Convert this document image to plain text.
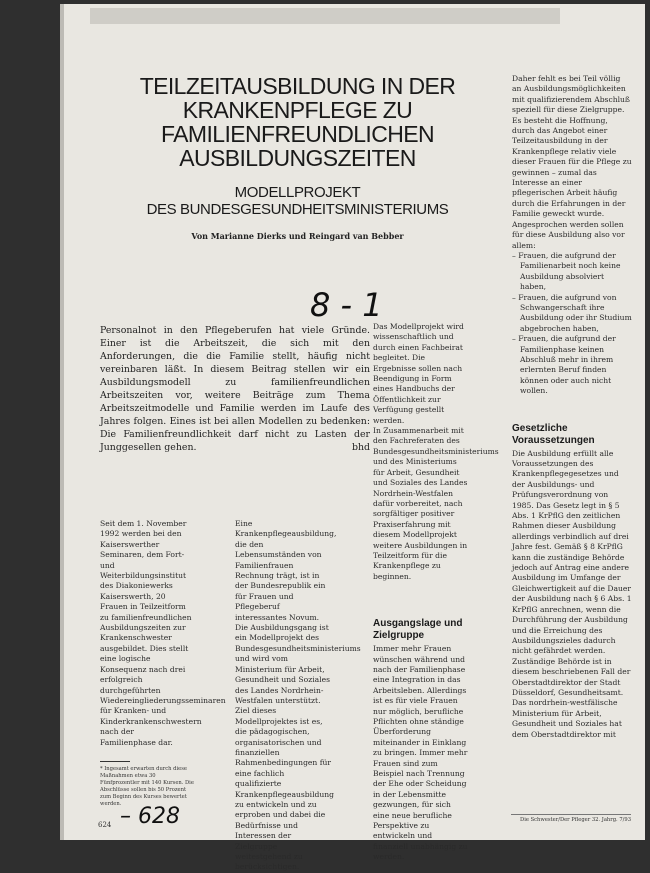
TEILZEITAUSBILDUNG IN DER KRANKENPFLEGE ZU FAMILIENFREUNDLICHEN AUSBILDUNGSZEITEN
MODELLPROJEKT
DES BUNDESGESUNDHEITSMINISTERIUMS
Von Marianne Dierks und Reingard van Bebber
8 - 1
Personalnot in den Pflegeberufen hat viele Gründe. Einer ist die Arbeitszeit, die sich mit den Anforderungen, die die Familie stellt, häufig nicht vereinbaren läßt. In diesem Beitrag stellen wir ein Ausbildungsmodell zu familienfreundlichen Arbeitszeiten vor, weitere Beiträge zum Thema Arbeitszeitmodelle und Familie werden im Laufe des Jahres folgen. Eines ist bei allen Modellen zu bedenken: Die Familienfreundlichkeit darf nicht zu Lasten der Junggesellen gehen.	bhd

Seit dem 1. November 1992 werden bei den Kaiserswerther Seminaren, dem Fort- und Weiterbildungsinstitut des Diakoniewerks Kaiserswerth, 20 Frauen in Teilzeitform zu familienfreundlichen Ausbildungszeiten zur Krankenschwester ausgebildet. Dies stellt eine logische Konsequenz nach drei erfolgreich durchgeführten Wiedereingliederungsseminaren für Kranken- und Kinderkrankenschwestern nach der Familienphase dar.

Eine Krankenpflegeausbildung, die den Lebensumständen von Familienfrauen Rechnung trägt, ist in der Bundesrepublik ein für Frauen und Pflegeberuf interessantes Novum. Die Ausbildungsgang ist ein Modellprojekt des Bundesgesundheitsministeriums und wird vom Ministerium für Arbeit, Gesundheit und Soziales des Landes Nordrhein-Westfalen unterstützt.

Ziel dieses Modellprojektes ist es, die pädagogischen, organisatorischen und finanziellen Rahmenbedingungen für eine fachlich qualifizierte Krankenpflegeausbildung zu entwickeln und zu erproben und dabei die Bedürfnisse und Interessen der Zielgruppe weitestgehend zu berücksichtigen.

Das Modellprojekt wird wissenschaftlich und durch einen Fachbeirat begleitet. Die Ergebnisse sollen nach Beendigung in Form eines Handbuchs der Öffentlichkeit zur Verfügung gestellt werden.

In Zusammenarbeit mit den Fachreferaten des Bundesgesundheitsministeriums und des Ministeriums für Arbeit, Gesundheit und Soziales des Landes Nordrhein-Westfalen dafür vorbereitet, nach sorgfältiger positiver Praxiserfahrung mit diesem Modellprojekt weitere Ausbildungen in Teilzeitform für die Krankenpflege zu beginnen.

Ausgangslage und Zielgruppe

Immer mehr Frauen wünschen während und nach der Familienphase eine Integration in das Arbeitsleben. Allerdings ist es für viele Frauen nur möglich, berufliche Pflichten ohne ständige Überforderung miteinander in Einklang zu bringen. Immer mehr Frauen sind zum Beispiel nach Trennung der Ehe oder Scheidung in der Lebensmitte gezwungen, für sich eine neue berufliche Perspektive zu entwickeln und finanziell unabhängig zu werden.

Daher fehlt es bei Teil völlig an Ausbildungsmöglichkeiten mit qualifizierendem Abschluß speziell für diese Zielgruppe.

Es besteht die Hoffnung, durch das Angebot einer Teilzeitausbildung in der Krankenpflege relativ viele dieser Frauen für die Pflege zu gewinnen – zumal das Interesse an einer pflegerischen Arbeit häufig durch die Erfahrungen in der Familie geweckt wurde.

Angesprochen werden sollen für diese Ausbildung also vor allem:

– Frauen, die aufgrund der Familienarbeit noch keine Ausbildung absolviert haben,

– Frauen, die aufgrund von Schwangerschaft ihre Ausbildung oder ihr Studium abgebrochen haben,

– Frauen, die aufgrund der Familienphase keinen Abschluß mehr in ihrem erlernten Beruf finden können oder auch nicht wollen.

Gesetzliche Voraussetzungen

Die Ausbildung erfüllt alle Voraussetzungen des Krankenpflegegesetzes und der Ausbildungs- und Prüfungsverordnung von 1985. Das Gesetz legt in § 5 Abs. 1 KrPflG den zeitlichen Rahmen dieser Ausbildung allerdings verbindlich auf drei Jahre fest. Gemäß § 8 KrPflG kann die zuständige Behörde jedoch auf Antrag eine andere Ausbildung im Umfange der Gleichwertigkeit auf die Dauer der Ausbildung nach § 6 Abs. 1 KrPflG anrechnen, wenn die Durchführung der Ausbildung und die Erreichung des Ausbildungszieles dadurch nicht gefährdet werden.

Zuständige Behörde ist in diesem beschriebenen Fall der Oberstadtdirektor der Stadt Düsseldorf, Gesundheitsamt.

Das nordrhein-westfälische Ministerium für Arbeit, Gesundheit und Soziales hat dem Oberstadtdirektor mit

* Ingesamt erwarten durch diese Maßnahmen etwa 30 Fünfprozentler mit 140 Kursen. Die Abschlüsse sollen bis 50 Prozent zum Beginn des Kurses bewertet werden.
– 628
624
Die Schwester/Der Pfleger 32. Jahrg. 7/93
